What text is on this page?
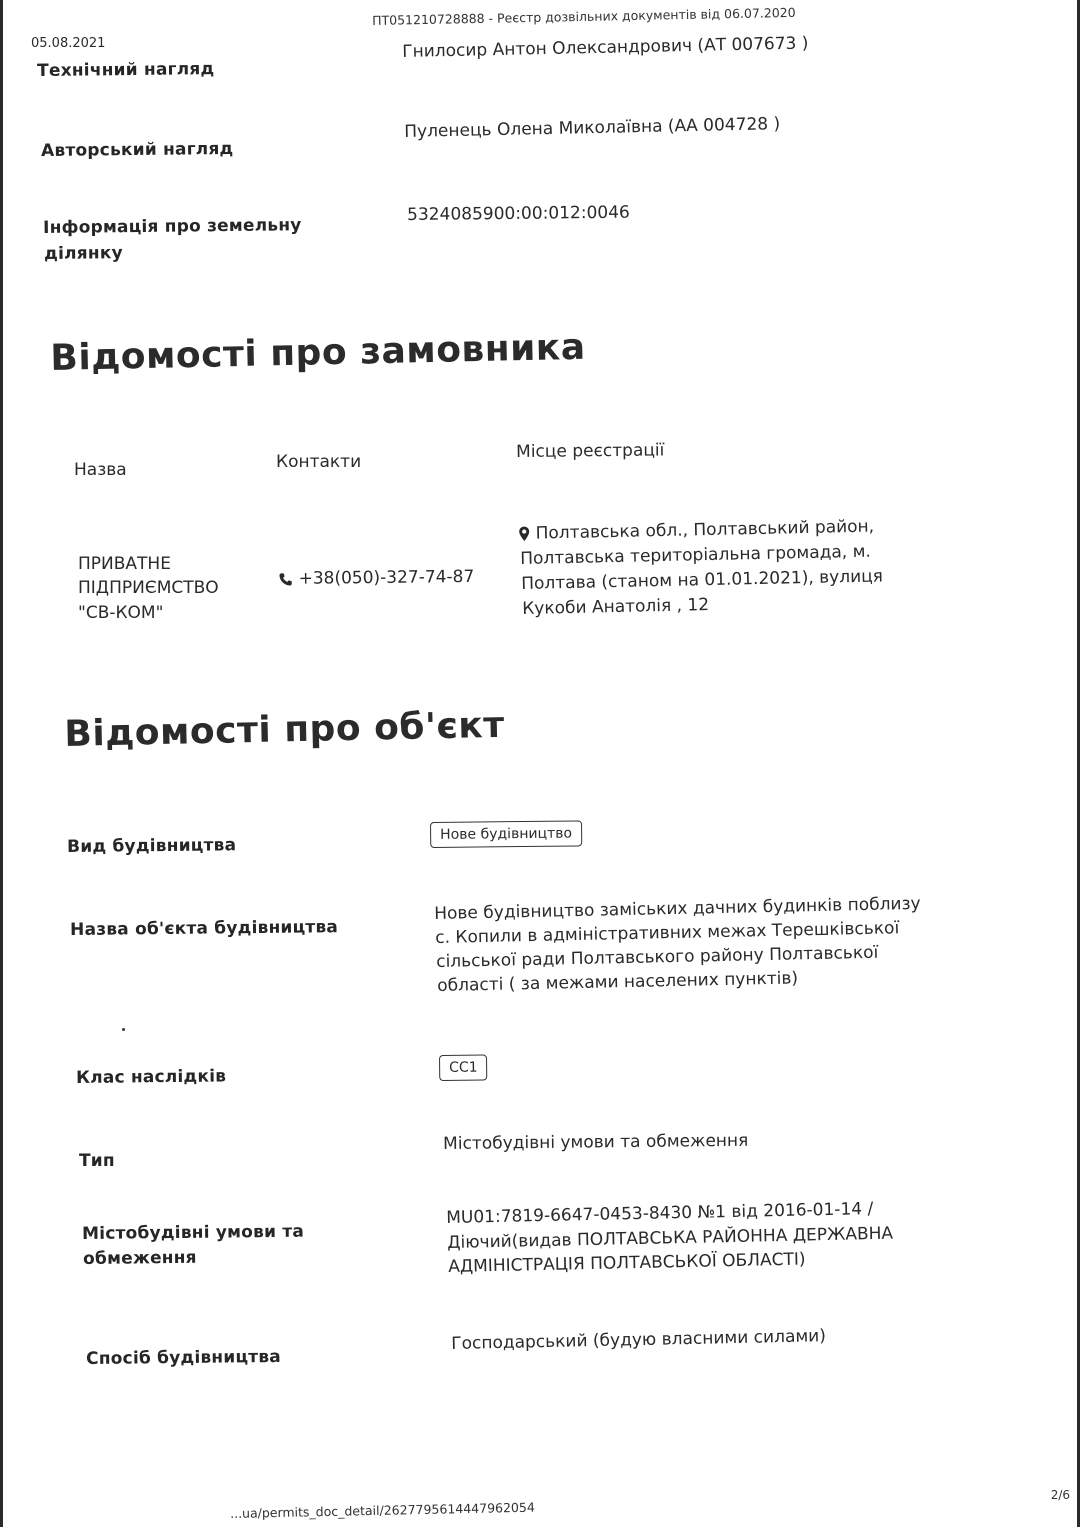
05.08.2021
ПТ051210728888 - Реєстр дозвільних документів від 06.07.2020
Технічний нагляд
Гнилосир Антон Олександрович (АТ 007673 )
Авторський нагляд
Пуленець Олена Миколаївна (АА 004728 )
Інформація про земельну
ділянку
5324085900:00:012:0046
Відомості про замовника
Назва	Контакти
Місце реєстрації
ПРИВАТНЕ
ПІДПРИЄМСТВО
"СВ-КОМ"
+38(050)-327-74-87
Полтавська обл., Полтавський район,
Полтавська територіальна громада, м.
Полтава (станом на 01.01.2021), вулиця
Кукоби Анатолія , 12
Відомості про об'єкт
Вид будівництва
Нове будівництво
Назва об'єкта будівництва
Нове будівництво заміських дачних будинків поблизу
с. Копили в адміністративних межах Терешківської
сільської ради Полтавського району Полтавської
області ( за межами населених пунктів)
Клас наслідків	СС1
Тип
Містобудівні умови та обмеження
Містобудівні умови та
обмеження
MU01:7819-6647-0453-8430 №1 від 2016-01-14 /
Діючий(видав ПОЛТАВСЬКА РАЙОННА ДЕРЖАВНА
АДМІНІСТРАЦІЯ ПОЛТАВСЬКОЇ ОБЛАСТІ)
Спосіб будівництва
Господарський (будую власними силами)
...ua/permits_doc_detail/2627795614447962054
2/6
